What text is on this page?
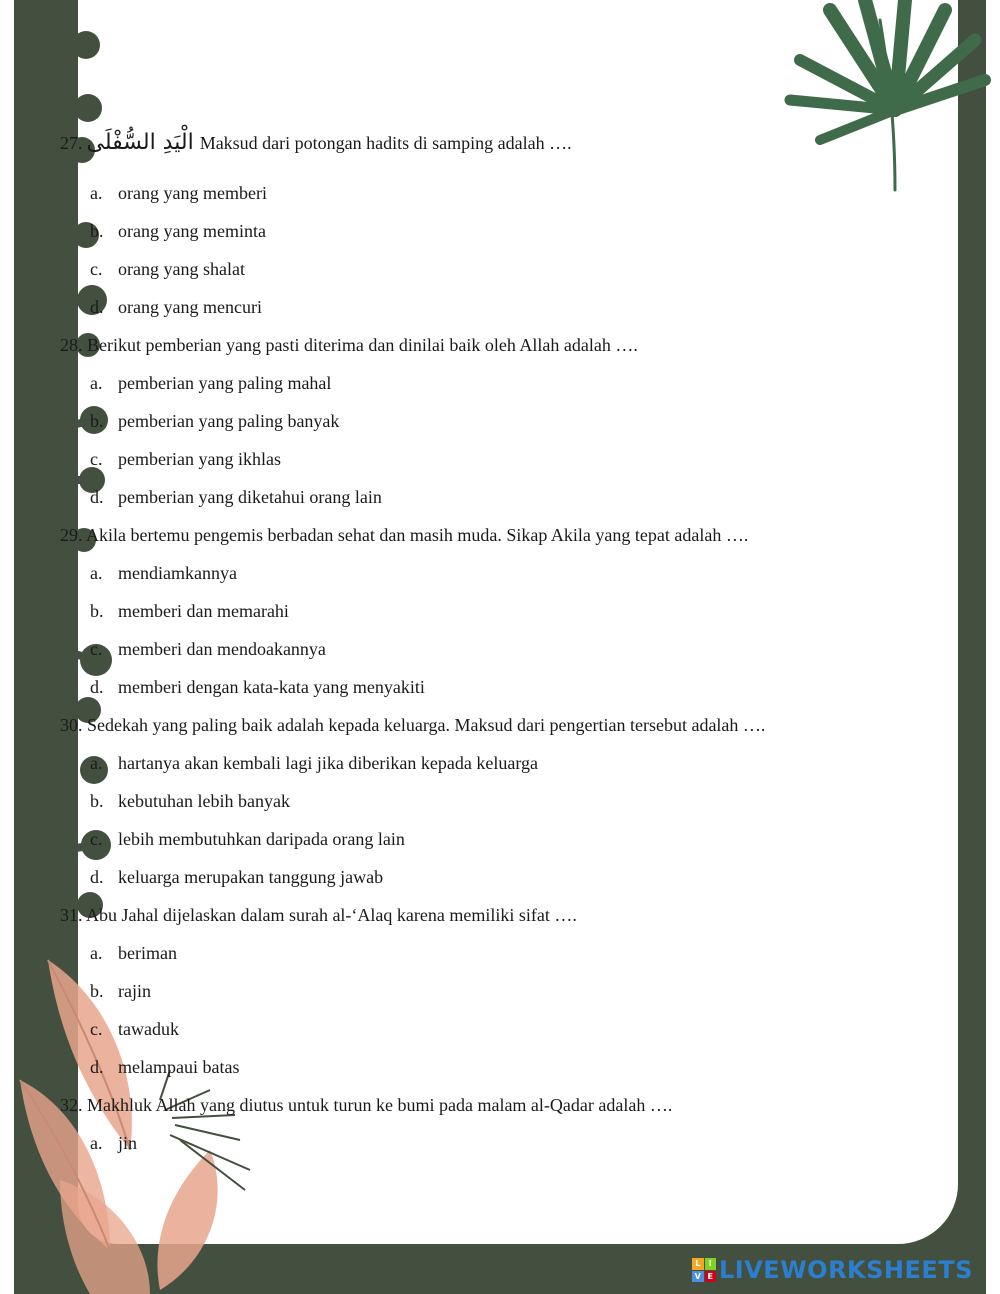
27. الْيَدِ السُّفْلَى Maksud dari potongan hadits di samping adalah ….
a. orang yang memberi
b. orang yang meminta
c. orang yang shalat
d. orang yang mencuri
28. Berikut pemberian yang pasti diterima dan dinilai baik oleh Allah adalah ….
a. pemberian yang paling mahal
b. pemberian yang paling banyak
c. pemberian yang ikhlas
d. pemberian yang diketahui orang lain
29. Akila bertemu pengemis berbadan sehat dan masih muda. Sikap Akila yang tepat adalah ….
a. mendiamkannya
b. memberi dan memarahi
c. memberi dan mendoakannya
d. memberi dengan kata-kata yang menyakiti
30. Sedekah yang paling baik adalah kepada keluarga. Maksud dari pengertian tersebut adalah ….
a. hartanya akan kembali lagi jika diberikan kepada keluarga
b. kebutuhan lebih banyak
c. lebih membutuhkan daripada orang lain
d. keluarga merupakan tanggung jawab
31. Abu Jahal dijelaskan dalam surah al-‘Alaq karena memiliki sifat ….
a. beriman
b. rajin
c. tawaduk
d. melampaui batas
32. Makhluk Allah yang diutus untuk turun ke bumi pada malam al-Qadar adalah ….
a. jin
L	I
V E LIVEWORKSHEETS
